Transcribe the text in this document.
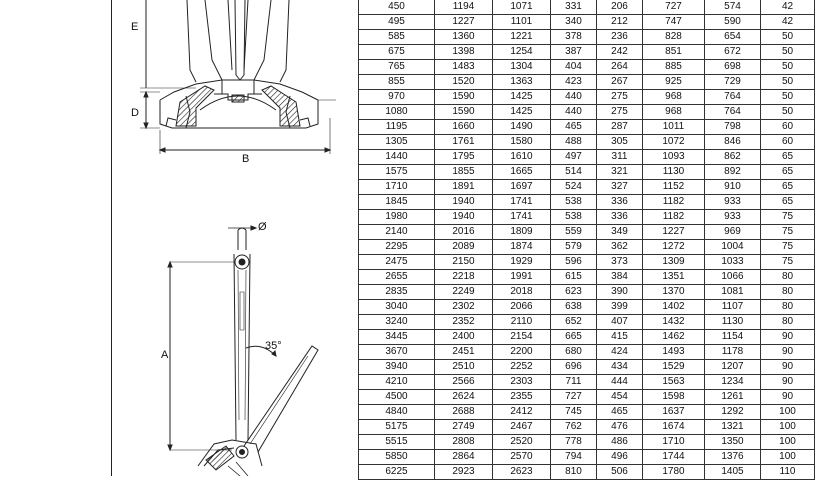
E
D
B
Ø
A
35°
450	1194	1071	331	206	727	574	42
495	1227	1101	340	212	747	590	42
585	1360	1221	378	236	828	654	50
675	1398	1254	387	242	851	672	50
765	1483	1304	404	264	885	698	50
855	1520	1363	423	267	925	729	50
970	1590	1425	440	275	968	764	50
1080	1590	1425	440	275	968	764	50
1195	1660	1490	465	287	1011	798	60
1305	1761	1580	488	305	1072	846	60
1440	1795	1610	497	311	1093	862	65
1575	1855	1665	514	321	1130	892	65
1710	1891	1697	524	327	1152	910	65
1845	1940	1741	538	336	1182	933	65
1980	1940	1741	538	336	1182	933	75
2140	2016	1809	559	349	1227	969	75
2295	2089	1874	579	362	1272	1004	75
2475	2150	1929	596	373	1309	1033	75
2655	2218	1991	615	384	1351	1066	80
2835	2249	2018	623	390	1370	1081	80
3040	2302	2066	638	399	1402	1107	80
3240	2352	2110	652	407	1432	1130	80
3445	2400	2154	665	415	1462	1154	90
3670	2451	2200	680	424	1493	1178	90
3940	2510	2252	696	434	1529	1207	90
4210	2566	2303	711	444	1563	1234	90
4500	2624	2355	727	454	1598	1261	90
4840	2688	2412	745	465	1637	1292	100
5175	2749	2467	762	476	1674	1321	100
5515	2808	2520	778	486	1710	1350	100
5850	2864	2570	794	496	1744	1376	100
6225	2923	2623	810	506	1780	1405	110
